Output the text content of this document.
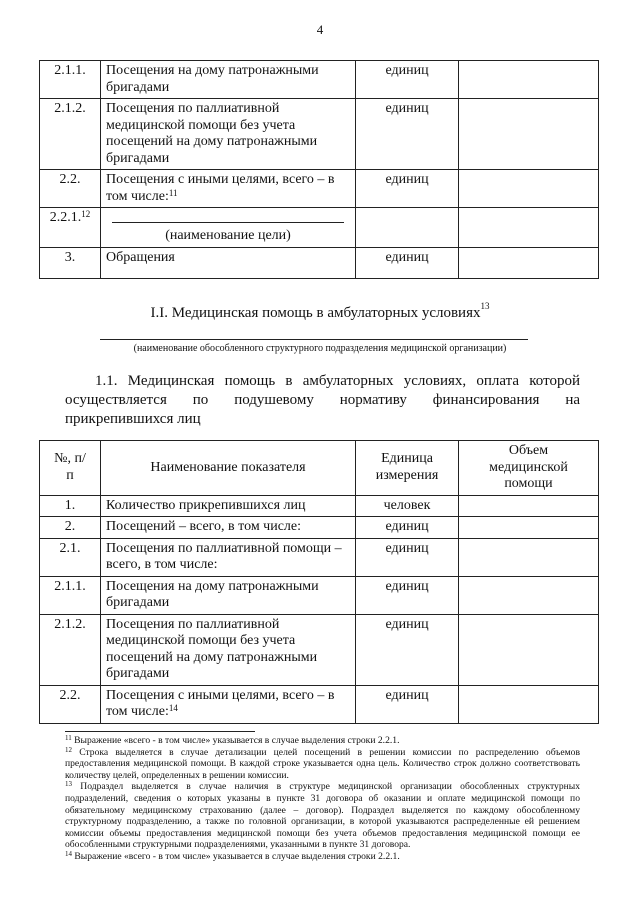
4
2.1.1.	Посещения на дому патронажными бригадами	единиц	
2.1.2.	Посещения по паллиативной медицинской помощи без учета посещений на дому патронажными бригадами	единиц	
2.2.	Посещения с иными целями, всего – в том числе:$^{11}$	единиц	
2.2.1.12	(наименование цели)		

3.	Обращения	единиц	
I.I. Медицинская помощь в амбулаторных условиях$^{13}$
(наименование обособленного структурного подразделения медицинской организации)

1.1. Медицинская помощь в амбулаторных условиях, оплата которой осуществляется по подушевому нормативу финансирования на прикрепившихся лиц

№, п/п	Наименование показателя	Единица измерения	Объем медицинской помощи
1.	Количество прикрепившихся лиц	человек	
2.	Посещений – всего, в том числе:	единиц	
2.1.	Посещения по паллиативной помощи – всего, в том числе:	единиц	
2.1.1.	Посещения на дому патронажными бригадами	единиц	
2.1.2.	Посещения по паллиативной медицинской помощи без учета посещений на дому патронажными бригадами	единиц	
2.2.	Посещения с иными целями, всего – в том числе:$^{14}$	единиц	

$^{11}$ Выражение «всего - в том числе» указывается в случае выделения строки 2.2.1.

$^{12}$ Строка выделяется в случае детализации целей посещений в решении комиссии по распределению объемов предоставления медицинской помощи. В каждой строке указывается одна цель. Количество строк должно соответствовать количеству целей, определенных в решении комиссии.

$^{13}$ Подраздел выделяется в случае наличия в структуре медицинской организации обособленных структурных подразделений, сведения о которых указаны в пункте 31 договора об оказании и оплате медицинской помощи по обязательному медицинскому страхованию (далее – договор). Подраздел выделяется по каждому обособленному структурному подразделению, а также по головной организации, в которой указываются распределенные ей решением комиссии объемы предоставления медицинской помощи без учета объемов предоставления медицинской помощи ее обособленными структурными подразделениями, указанными в пункте 31 договора.

$^{14}$ Выражение «всего - в том числе» указывается в случае выделения строки 2.2.1.
